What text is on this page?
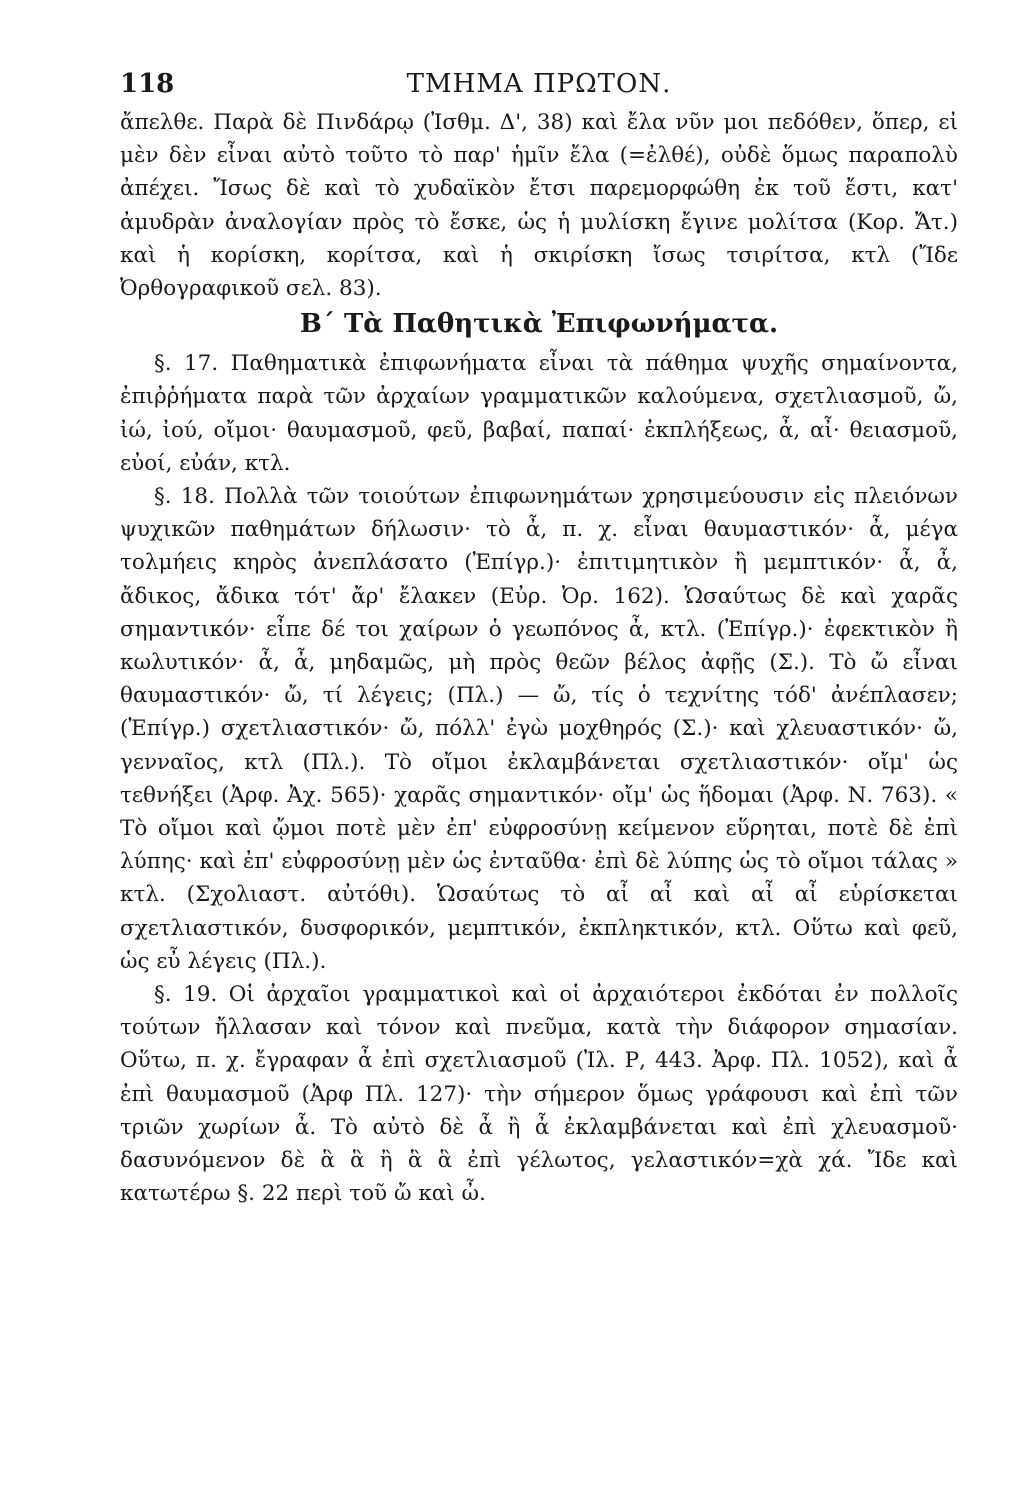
118	ΤΜΗΜΑ ΠΡΩΤΟΝ.

ἄπελθε. Παρὰ δὲ Πινδάρῳ (Ἰσθμ. Δ', 38) καὶ ἔλα νῦν μοι πεδόθεν, ὅπερ, εἰ μὲν δὲν εἶναι αὐτὸ τοῦτο τὸ παρ' ἡμῖν ἔλα (=ἐλθέ), οὐδὲ ὅμως παραπολὺ ἀπέχει. Ἴσως δὲ καὶ τὸ χυδαϊκὸν ἔτσι παρεμορφώθη ἐκ τοῦ ἔστι, κατ' ἀμυδρὰν ἀναλογίαν πρὸς τὸ ἔσκε, ὡς ἡ μυλίσκη ἔγινε μολίτσα (Κορ. Ἄτ.) καὶ ἡ κορίσκη, κορίτσα, καὶ ἡ σκιρίσκη ἴσως τσιρίτσα, κτλ (Ἴδε Ὀρθογραφικοῦ σελ. 83).

Β΄ Τὰ Παθητικὰ Ἐπιφωνήματα.

§. 17. Παθηματικὰ ἐπιφωνήματα εἶναι τὰ πάθημα ψυχῆς σημαίνοντα, ἐπιῤῥήματα παρὰ τῶν ἀρχαίων γραμματικῶν καλούμενα, σχετλιασμοῦ, ὤ, ἰώ, ἰού, οἴμοι· θαυμασμοῦ, φεῦ, βαβαί, παπαί· ἐκπλήξεως, ἆ, αἶ· θειασμοῦ, εὐοί, εὐάν, κτλ.

§. 18. Πολλὰ τῶν τοιούτων ἐπιφωνημάτων χρησιμεύουσιν εἰς πλειόνων ψυχικῶν παθημάτων δήλωσιν· τὸ ἆ, π. χ. εἶναι θαυμαστικόν· ἆ, μέγα τολμήεις κηρὸς ἀνεπλάσατο (Ἐπίγρ.)· ἐπιτιμητικὸν ἢ μεμπτικόν· ἆ, ἆ, ἄδικος, ἄδικα τότ' ἄρ' ἔλακεν (Εὐρ. Ὀρ. 162). Ὡσαύτως δὲ καὶ χαρᾶς σημαντικόν· εἶπε δέ τοι χαίρων ὁ γεωπόνος ἆ, κτλ. (Ἐπίγρ.)· ἐφεκτικὸν ἢ κωλυτικόν· ἆ, ἆ, μηδαμῶς, μὴ πρὸς θεῶν βέλος ἀφῇς (Σ.). Τὸ ὤ εἶναι θαυμαστικόν· ὤ, τί λέγεις; (Πλ.) — ὤ, τίς ὁ τεχνίτης τόδ' ἀνέπλασεν; (Ἐπίγρ.) σχετλιαστικόν· ὤ, πόλλ' ἐγὼ μοχθηρός (Σ.)· καὶ χλευαστικόν· ὤ, γενναῖος, κτλ (Πλ.). Τὸ οἴμοι ἐκλαμβάνεται σχετλιαστικόν· οἴμ' ὡς τεθνήξει (Ἀρφ. Ἀχ. 565)· χαρᾶς σημαντικόν· οἴμ' ὡς ἥδομαι (Ἀρφ. Ν. 763). « Τὸ οἴμοι καὶ ᾤμοι ποτὲ μὲν ἐπ' εὐφροσύνῃ κείμενον εὕρηται, ποτὲ δὲ ἐπὶ λύπης· καὶ ἐπ' εὐφροσύνῃ μὲν ὡς ἐνταῦθα· ἐπὶ δὲ λύπης ὡς τὸ οἴμοι τάλας » κτλ. (Σχολιαστ. αὐτόθι). Ὡσαύτως τὸ αἶ αἶ καὶ αἶ αἶ εὑρίσκεται σχετλιαστικόν, δυσφορικόν, μεμπτικόν, ἐκπληκτικόν, κτλ. Οὕτω καὶ φεῦ, ὡς εὖ λέγεις (Πλ.).

§. 19. Οἱ ἀρχαῖοι γραμματικοὶ καὶ οἱ ἀρχαιότεροι ἐκδόται ἐν πολλοῖς τούτων ἤλλασαν καὶ τόνον καὶ πνεῦμα, κατὰ τὴν διάφορον σημασίαν. Οὕτω, π. χ. ἔγραφαν ἆ ἐπὶ σχετλιασμοῦ (Ἰλ. Ρ, 443. Ἀρφ. Πλ. 1052), καὶ ἆ ἐπὶ θαυμασμοῦ (Ἀρφ Πλ. 127)· τὴν σήμερον ὅμως γράφουσι καὶ ἐπὶ τῶν τριῶν χωρίων ἆ. Τὸ αὐτὸ δὲ ἆ ἢ ἆ ἐκλαμβάνεται καὶ ἐπὶ χλευασμοῦ· δασυνόμενον δὲ ἃ ἃ ἢ ἃ ἃ ἐπὶ γέλωτος, γελαστικόν=χὰ χά. Ἴδε καὶ κατωτέρω §. 22 περὶ τοῦ ὤ καὶ ὦ.
